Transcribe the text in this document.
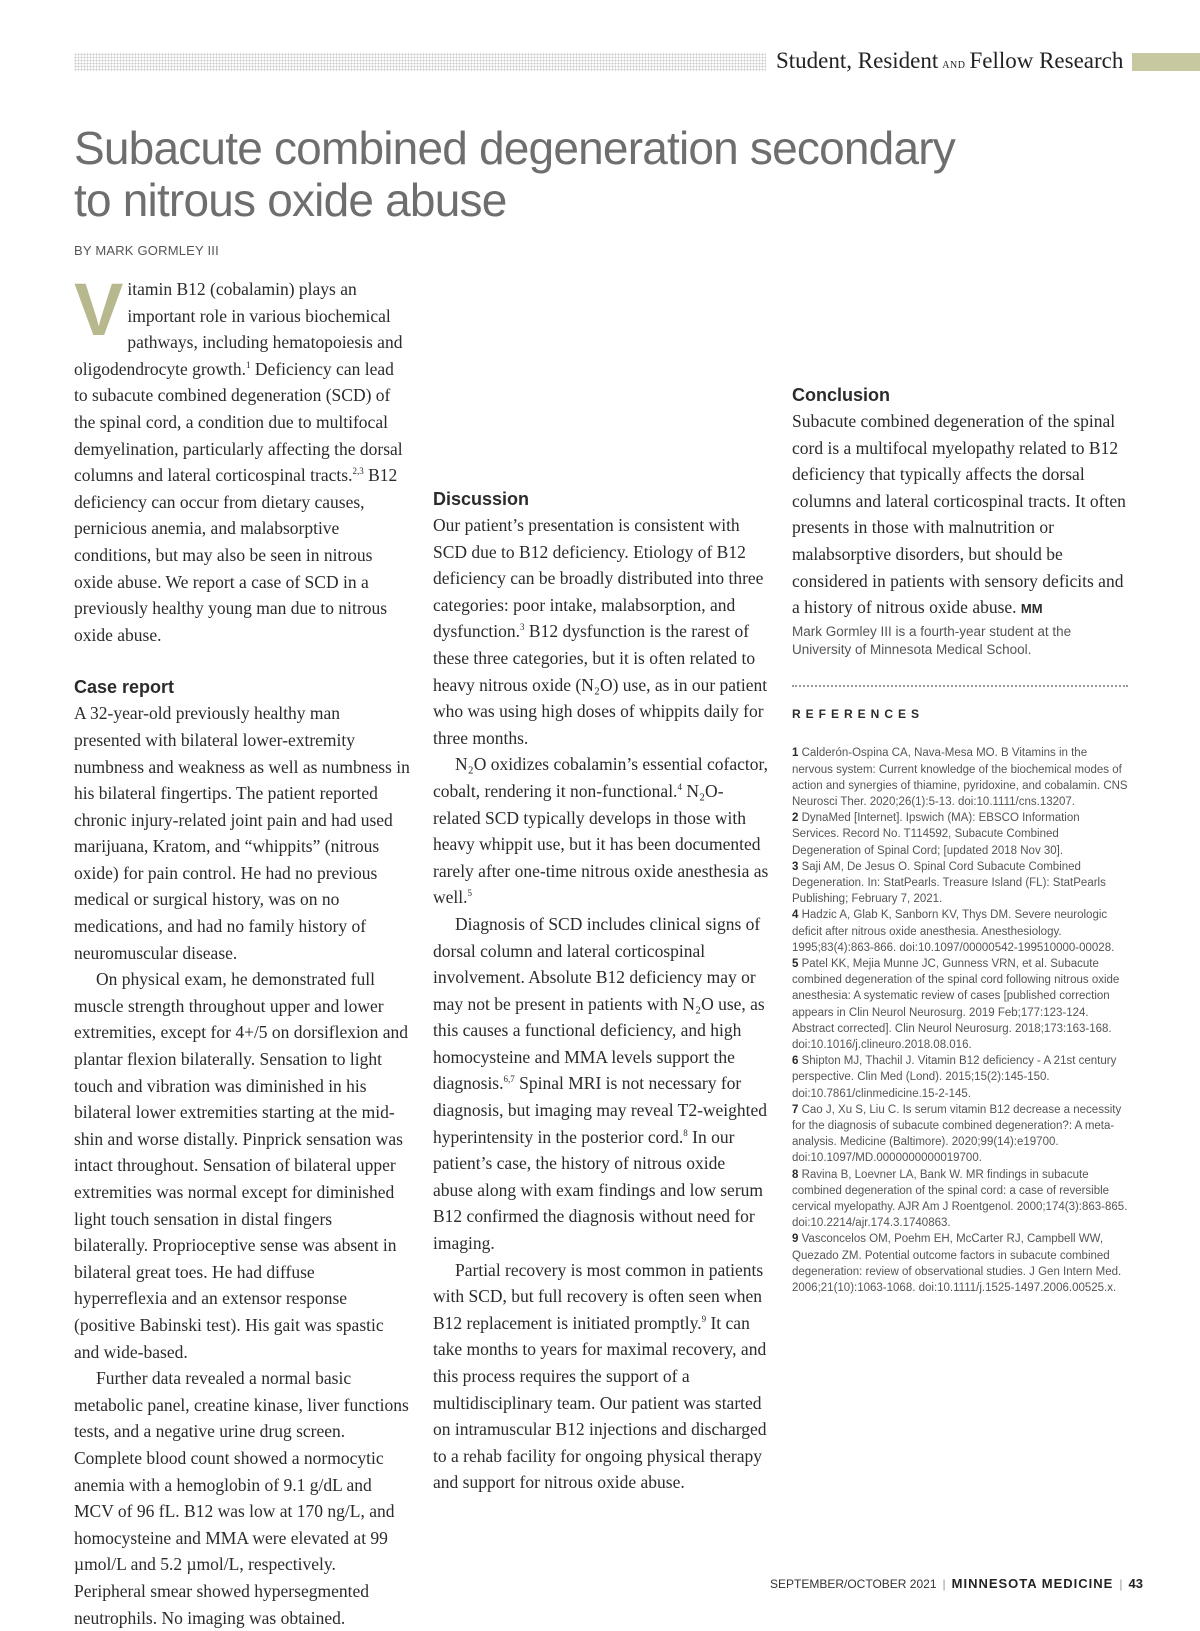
Student, Resident AND Fellow Research
Subacute combined degeneration secondary to nitrous oxide abuse
BY MARK GORMLEY III

Vitamin B12 (cobalamin) plays an important role in various biochemical pathways, including hematopoiesis and oligodendrocyte growth.$^1$ Deficiency can lead to subacute combined degeneration (SCD) of the spinal cord, a condition due to multifocal demyelination, particularly affecting the dorsal columns and lateral corticospinal tracts.$^{2,3}$ B12 deficiency can occur from dietary causes, pernicious anemia, and malabsorptive conditions, but may also be seen in nitrous oxide abuse. We report a case of SCD in a previously healthy young man due to nitrous oxide abuse.

Case report

A 32-year-old previously healthy man presented with bilateral lower-extremity numbness and weakness as well as numbness in his bilateral fingertips. The patient reported chronic injury-related joint pain and had used marijuana, Kratom, and “whippits” (nitrous oxide) for pain control. He had no previous medical or surgical history, was on no medications, and had no family history of neuromuscular disease.

On physical exam, he demonstrated full muscle strength throughout upper and lower extremities, except for 4+/5 on dorsiflexion and plantar flexion bilaterally. Sensation to light touch and vibration was diminished in his bilateral lower extremities starting at the mid-shin and worse distally. Pinprick sensation was intact throughout. Sensation of bilateral upper extremities was normal except for diminished light touch sensation in distal fingers bilaterally. Proprioceptive sense was absent in bilateral great toes. He had diffuse hyperreflexia and an extensor response (positive Babinski test). His gait was spastic and wide-based.

Further data revealed a normal basic metabolic panel, creatine kinase, liver functions tests, and a negative urine drug screen. Complete blood count showed a normocytic anemia with a hemoglobin of 9.1 g/dL and MCV of 96 fL. B12 was low at 170 ng/L, and homocysteine and MMA were elevated at 99 µmol/L and 5.2 µmol/L, respectively. Peripheral smear showed hypersegmented neutrophils. No imaging was obtained.

Discussion

Our patient’s presentation is consistent with SCD due to B12 deficiency. Etiology of B12 deficiency can be broadly distributed into three categories: poor intake, malabsorption, and dysfunction.$^3$ B12 dysfunction is the rarest of these three categories, but it is often related to heavy nitrous oxide (N₂O) use, as in our patient who was using high doses of whippits daily for three months.

N₂O oxidizes cobalamin’s essential cofactor, cobalt, rendering it non-functional.$^4$ N₂O-related SCD typically develops in those with heavy whippit use, but it has been documented rarely after one-time nitrous oxide anesthesia as well.$^5$

Diagnosis of SCD includes clinical signs of dorsal column and lateral corticospinal involvement. Absolute B12 deficiency may or may not be present in patients with N₂O use, as this causes a functional deficiency, and high homocysteine and MMA levels support the diagnosis.$^{6,7}$ Spinal MRI is not necessary for diagnosis, but imaging may reveal T2-weighted hyperintensity in the posterior cord.$^8$ In our patient’s case, the history of nitrous oxide abuse along with exam findings and low serum B12 confirmed the diagnosis without need for imaging.

Partial recovery is most common in patients with SCD, but full recovery is often seen when B12 replacement is initiated promptly.$^9$ It can take months to years for maximal recovery, and this process requires the support of a multidisciplinary team. Our patient was started on intramuscular B12 injections and discharged to a rehab facility for ongoing physical therapy and support for nitrous oxide abuse.

Conclusion

Subacute combined degeneration of the spinal cord is a multifocal myelopathy related to B12 deficiency that typically affects the dorsal columns and lateral corticospinal tracts. It often presents in those with malnutrition or malabsorptive disorders, but should be considered in patients with sensory deficits and a history of nitrous oxide abuse. MM

Mark Gormley III is a fourth-year student at the University of Minnesota Medical School.

REFERENCES

1 Calderón-Ospina CA, Nava-Mesa MO. B Vitamins in the nervous system: Current knowledge of the biochemical modes of action and synergies of thiamine, pyridoxine, and cobalamin. CNS Neurosci Ther. 2020;26(1):5-13. doi:10.1111/cns.13207.

2 DynaMed [Internet]. Ipswich (MA): EBSCO Information Services. Record No. T114592, Subacute Combined Degeneration of Spinal Cord; [updated 2018 Nov 30].

3 Saji AM, De Jesus O. Spinal Cord Subacute Combined Degeneration. In: StatPearls. Treasure Island (FL): StatPearls Publishing; February 7, 2021.

4 Hadzic A, Glab K, Sanborn KV, Thys DM. Severe neurologic deficit after nitrous oxide anesthesia. Anesthesiology. 1995;83(4):863-866. doi:10.1097/00000542-199510000-00028.

5 Patel KK, Mejia Munne JC, Gunness VRN, et al. Subacute combined degeneration of the spinal cord following nitrous oxide anesthesia: A systematic review of cases [published correction appears in Clin Neurol Neurosurg. 2019 Feb;177:123-124. Abstract corrected]. Clin Neurol Neurosurg. 2018;173:163-168. doi:10.1016/j.clineuro.2018.08.016.

6 Shipton MJ, Thachil J. Vitamin B12 deficiency - A 21st century perspective. Clin Med (Lond). 2015;15(2):145-150. doi:10.7861/clinmedicine.15-2-145.

7 Cao J, Xu S, Liu C. Is serum vitamin B12 decrease a necessity for the diagnosis of subacute combined degeneration?: A meta-analysis. Medicine (Baltimore). 2020;99(14):e19700. doi:10.1097/MD.0000000000019700.

8 Ravina B, Loevner LA, Bank W. MR findings in subacute combined degeneration of the spinal cord: a case of reversible cervical myelopathy. AJR Am J Roentgenol. 2000;174(3):863-865. doi:10.2214/ajr.174.3.1740863.

9 Vasconcelos OM, Poehm EH, McCarter RJ, Campbell WW, Quezado ZM. Potential outcome factors in subacute combined degeneration: review of observational studies. J Gen Intern Med. 2006;21(10):1063-1068. doi:10.1111/j.1525-1497.2006.00525.x.

SEPTEMBER/OCTOBER 2021 | MINNESOTA MEDICINE | 43
